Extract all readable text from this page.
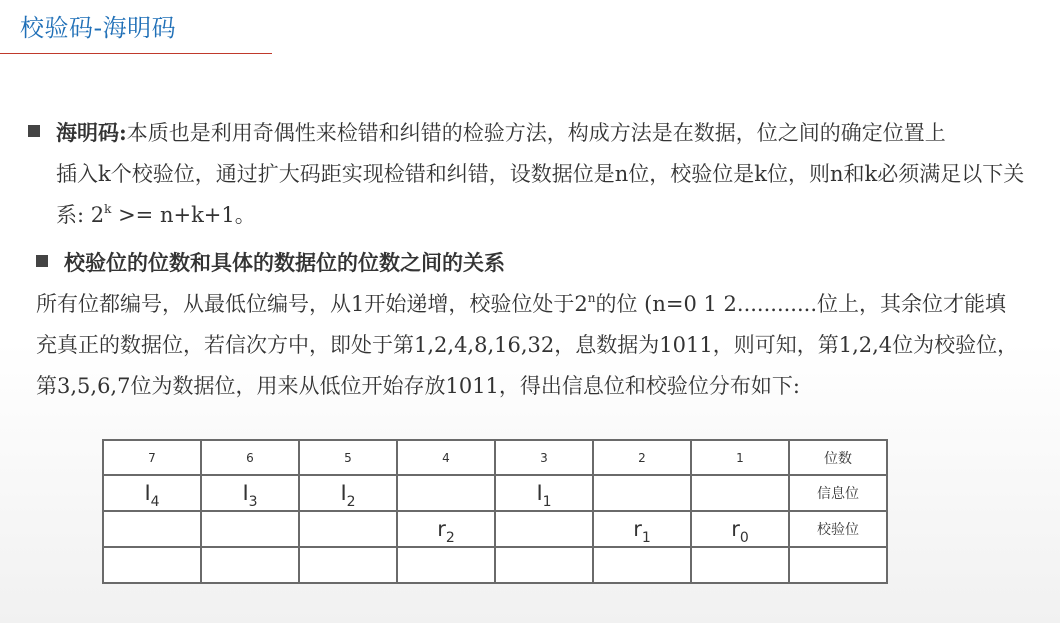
校验码-海明码
海明码:本质也是利用奇偶性来检错和纠错的检验方法，构成方法是在数据，位之间的确定位置上
插入k个校验位，通过扩大码距实现检错和纠错，设数据位是n位，校验位是k位，则n和k必须满足以下关系: $2^k >= n+k+1$。
校验位的位数和具体的数据位的位数之间的关系
所有位都编号，从最低位编号，从1开始递增，校验位处于2$^n$的位 (n=0 1 2............位上，其余位才能填充真正的数据位，若信次方中，即处于第1,2,4,8,16,32，息数据为1011，则可知，第1,2,4位为校验位，第3,5,6,7位为数据位，用来从低位开始存放1011，得出信息位和校验位分布如下:
7	6	5	4	3	2	1	位数
$I_4$	$I_3$	$I_2$		$I_1$			信息位
			$r_2$		$r_1$	$r_0$	校验位
